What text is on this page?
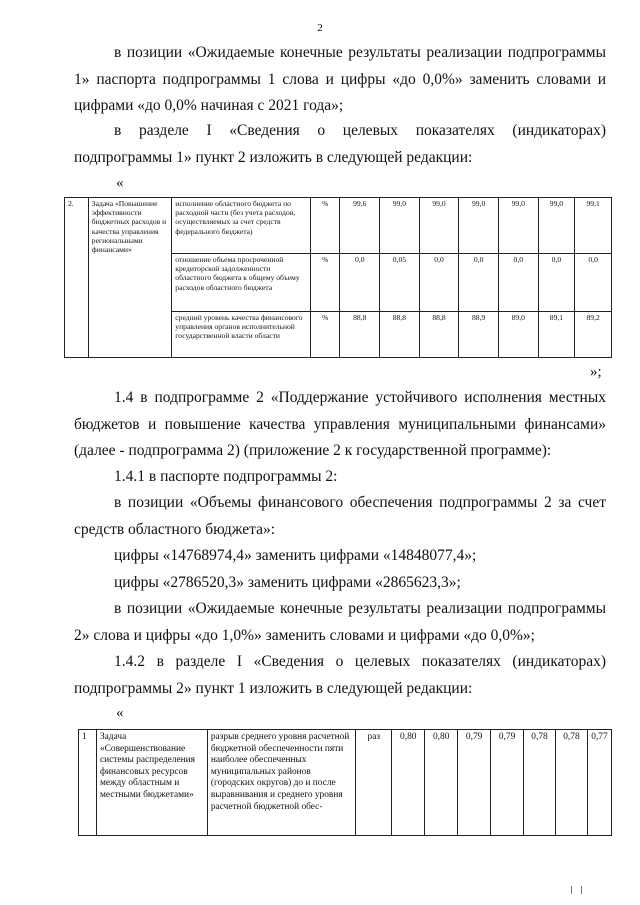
2
в позиции «Ожидаемые конечные результаты реализации подпрограммы 1» паспорта подпрограммы 1 слова и цифры «до 0,0%» заменить словами и цифрами «до 0,0% начиная с 2021 года»;
в разделе I «Сведения о целевых показателях (индикаторах) подпрограммы 1» пункт 2 изложить в следующей редакции:
«
2.	Задача «Повышение эффективности бюджетных расходов и качества управления региональными финансами»	исполнение областного бюджета по расходной части (без учета расходов, осуществляемых за счет средств федерального бюджета)	%	99,6	99,0	99,0	99,0	99,0	99,0	99,1
		отношение объема просроченной кредиторской задолженности областного бюджета к общему объему расходов областного бюджета	%	0,0	0,05	0,0	0,0	0,0	0,0	0,0
		средний уровень качества финансового управления органов исполнительной государственной власти области	%	88,8	88,8	88,8	88,9	89,0	89,1	89,2
»;
1.4 в подпрограмме 2 «Поддержание устойчивого исполнения местных бюджетов и повышение качества управления муниципальными финансами» (далее - подпрограмма 2) (приложение 2 к государственной программе):
1.4.1 в паспорте подпрограммы 2:
в позиции «Объемы финансового обеспечения подпрограммы 2 за счет средств областного бюджета»:
цифры «14768974,4» заменить цифрами «14848077,4»;
цифры «2786520,3» заменить цифрами «2865623,3»;
в позиции «Ожидаемые конечные результаты реализации подпрограммы 2» слова и цифры «до 1,0%» заменить словами и цифрами «до 0,0%»;
1.4.2 в разделе I «Сведения о целевых показателях (индикаторах) подпрограммы 2» пункт 1 изложить в следующей редакции:
«
1	Задача «Совершенствование системы распределения финансовых ресурсов между областным и местными бюджетами»	разрыв среднего уровня расчетной бюджетной обеспеченности пяти наиболее обеспеченных муниципальных районов (городских округов) до и после выравнивания и среднего уровня расчетной бюджетной обес-	раз	0,80	0,80	0,79	0,79	0,78	0,78	0,77
